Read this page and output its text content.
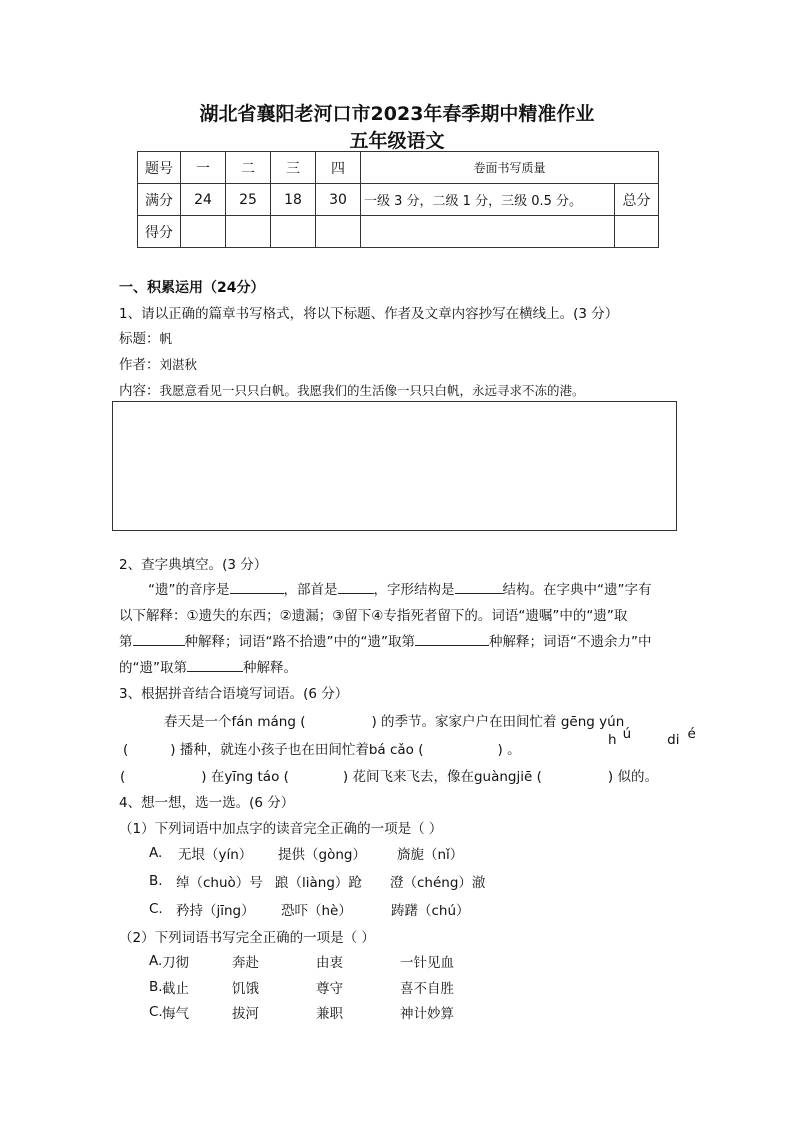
湖北省襄阳老河口市2023年春季期中精准作业
五年级语文
题号	一	二	三	四	卷面书写质量	
满分	24	25	18	30	一级 3 分，二级 1 分，三级 0.5 分。	总分
得分						
一、积累运用（24分）
1、请以正确的篇章书写格式，将以下标题、作者及文章内容抄写在横线上。(3 分）
标题：帆
作者：刘湛秋
内容：我愿意看见一只只白帆。我愿我们的生活像一只只白帆，永远寻求不冻的港。
2、查字典填空。(3 分）
“遗”的音序是	，部首是	，字形结构是	结构。在字典中“遗”字有
以下解释：①遗失的东西；②遗漏；③留下④专指死者留下的。词语“遗嘱”中的“遗”取
第	种解释；词语“路不拾遗”中的“遗”取第	种解释；词语“不遗余力”中
的“遗”取第	种解释。
3、根据拼音结合语境写词语。(6 分）
春天是一个fán máng (	) 的季节。家家户户在田间忙着 gēng yún
(	) 播种，就连小孩子也在田间忙着bá cǎo (	) 。
h ú	di é
(	) 在yīng táo (	) 花间飞来飞去，像在guàngjiē (	) 似的。
4、想一想，选一选。(6 分）
（1）下列词语中加点字的读音完全正确的一项是（ ）
A. 无垠（yín） 提供（gòng） 旖旎（nǐ）
B. 绰（chuò）号 踉（liàng）跄 澄（chéng）澈
C. 矜持（jīng） 恐吓（hè）	踌躇（chú）
（2）下列词语书写完全正确的一项是（ ）
A. 刀彻	奔赴	由衷	一针见血
B. 截止	饥饿	尊守	喜不自胜
C. 悔气	拔河	兼职	神计妙算
